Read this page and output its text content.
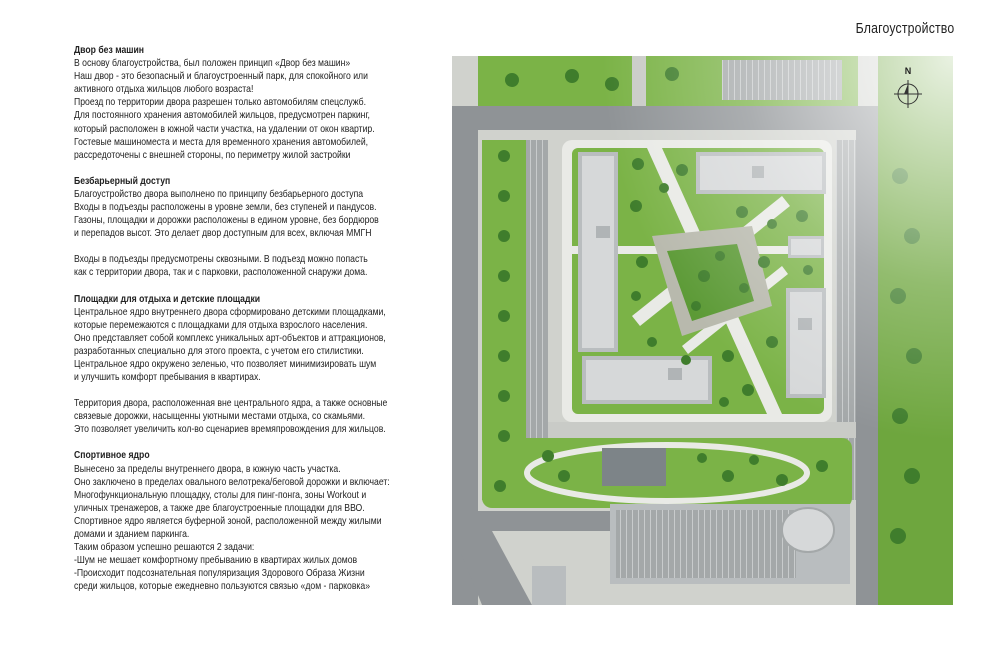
Благоустройство
Двор без машин
В основу благоустройства, был положен принцип «Двор без машин»
Наш двор - это безопасный и благоустроенный парк, для спокойного или
активного отдыха жильцов любого возраста!
Проезд по территории двора разрешен только автомобилям спецслужб.
Для постоянного хранения автомобилей жильцов, предусмотрен паркинг,
который расположен в южной части участка, на удалении от окон квартир.
Гостевые машиноместа и места для временного хранения автомобилей,
рассредоточены с внешней стороны, по периметру жилой застройки
Безбарьерный доступ
Благоустройство двора выполнено по принципу безбарьерного доступа
Входы в подъезды расположены в уровне земли, без ступеней и пандусов.
Газоны, площадки и дорожки расположены в едином уровне, без бордюров
и перепадов высот. Это делает двор доступным для всех, включая ММГН
Входы в подъезды предусмотрены сквозными. В подъезд можно попасть
как с территории двора, так и с парковки, расположенной снаружи дома.
Площадки для отдыха и детские площадки
Центральное ядро внутреннего двора сформировано детскими площадками,
которые перемежаются с площадками для отдыха взрослого населения.
Оно представляет собой комплекс уникальных арт-объектов и аттракционов,
разработанных специально для этого проекта, с учетом его стилистики.
Центральное ядро окружено зеленью, что позволяет минимизировать шум
и улучшить комфорт пребывания в квартирах.
Территория двора, расположенная вне центрального ядра, а также основные
связевые дорожки, насыщенны уютными местами отдыха, со скамьями.
Это позволяет увеличить кол-во сценариев времяпровождения для жильцов.
Спортивное ядро
Вынесено за пределы внутреннего двора, в южную часть участка.
Оно заключено в пределах овального велотрека/беговой дорожки и включает:
Многофункциональную площадку, столы для пинг-понга, зоны Workout и
уличных тренажеров, а также две благоустроенные площадки для ВВО.
Спортивное ядро является буферной зоной, расположенной между жилыми
домами и зданием паркинга.
Таким образом успешно решаются 2 задачи:
-Шум не мешает комфортному пребыванию в квартирах жилых домов
-Происходит подсознательная популяризация Здорового Образа Жизни
среди жильцов, которые ежедневно пользуются связью «дом - парковка»
N
